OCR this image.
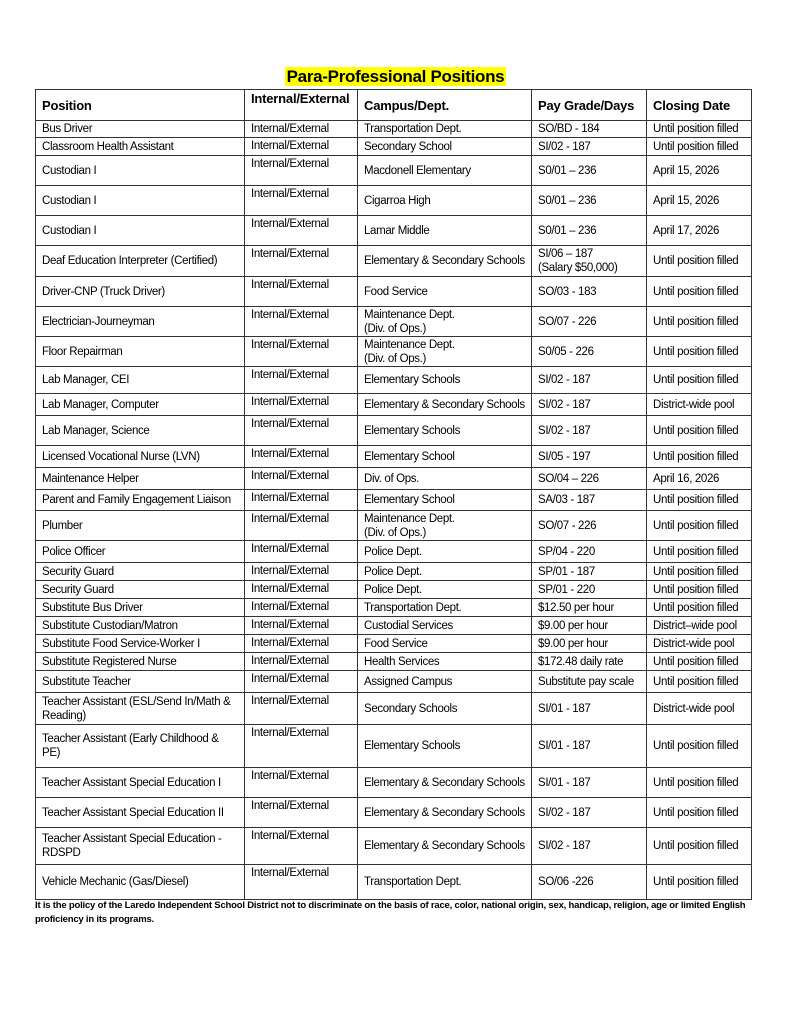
Para-Professional Positions
Position	Internal/External	Campus/Dept.	Pay Grade/Days	Closing Date
Bus Driver	Internal/External	Transportation Dept.	SO/BD - 184	Until position filled
Classroom Health Assistant	Internal/External	Secondary School	SI/02 - 187	Until position filled
Custodian I	Internal/External	Macdonell Elementary	S0/01 – 236	April 15, 2026
Custodian I	Internal/External	Cigarroa High	S0/01 – 236	April 15, 2026
Custodian I	Internal/External	Lamar Middle	S0/01 – 236	April 17, 2026
Deaf Education Interpreter (Certified)	Internal/External	Elementary & Secondary Schools	SI/06 – 187
(Salary $50,000)	Until position filled
Driver-CNP (Truck Driver)	Internal/External	Food Service	SO/03 - 183	Until position filled
Electrician-Journeyman	Internal/External	Maintenance Dept.
(Div. of Ops.)	SO/07 - 226	Until position filled
Floor Repairman	Internal/External	Maintenance Dept.
(Div. of Ops.)	S0/05 - 226	Until position filled
Lab Manager, CEI	Internal/External	Elementary Schools	SI/02 - 187	Until position filled
Lab Manager, Computer	Internal/External	Elementary & Secondary Schools	SI/02 - 187	District-wide pool
Lab Manager, Science	Internal/External	Elementary Schools	SI/02 - 187	Until position filled
Licensed Vocational Nurse (LVN)	Internal/External	Elementary School	SI/05 - 197	Until position filled
Maintenance Helper	Internal/External	Div. of Ops.	SO/04 – 226	April 16, 2026
Parent and Family Engagement Liaison	Internal/External	Elementary School	SA/03 - 187	Until position filled
Plumber	Internal/External	Maintenance Dept.
(Div. of Ops.)	SO/07 - 226	Until position filled
Police Officer	Internal/External	Police Dept.	SP/04 - 220	Until position filled
Security Guard	Internal/External	Police Dept.	SP/01 - 187	Until position filled
Security Guard	Internal/External	Police Dept.	SP/01 - 220	Until position filled
Substitute Bus Driver	Internal/External	Transportation Dept.	$12.50 per hour	Until position filled
Substitute Custodian/Matron	Internal/External	Custodial Services	$9.00 per hour	District–wide pool
Substitute Food Service-Worker I	Internal/External	Food Service	$9.00 per hour	District-wide pool
Substitute Registered Nurse	Internal/External	Health Services	$172.48 daily rate	Until position filled
Substitute Teacher	Internal/External	Assigned Campus	Substitute pay scale	Until position filled
Teacher Assistant (ESL/Send In/Math & Reading)	Internal/External	Secondary Schools	SI/01 - 187	District-wide pool
Teacher Assistant (Early Childhood & PE)	Internal/External	Elementary Schools	SI/01 - 187	Until position filled
Teacher Assistant Special Education I	Internal/External	Elementary & Secondary Schools	SI/01 - 187	Until position filled
Teacher Assistant Special Education II	Internal/External	Elementary & Secondary Schools	SI/02 - 187	Until position filled
Teacher Assistant Special Education - RDSPD	Internal/External	Elementary & Secondary Schools	SI/02 - 187	Until position filled
Vehicle Mechanic (Gas/Diesel)	Internal/External	Transportation Dept.	SO/06 -226	Until position filled
It is the policy of the Laredo Independent School District not to discriminate on the basis of race, color, national origin, sex, handicap, religion, age or limited English proficiency in its programs.
